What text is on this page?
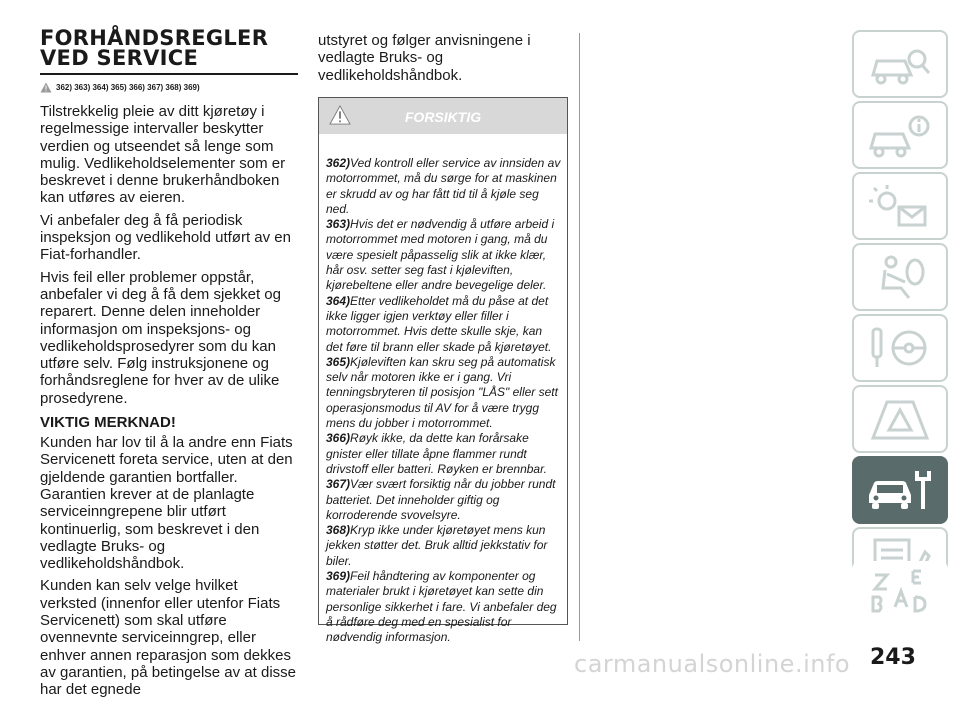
FORHÅNDSREGLER
VED SERVICE
362) 363) 364) 365) 366) 367) 368) 369)

Tilstrekkelig pleie av ditt kjøretøy i regelmessige intervaller beskytter verdien og utseendet så lenge som mulig. Vedlikeholdselementer som er beskrevet i denne brukerhåndboken kan utføres av eieren.

Vi anbefaler deg å få periodisk inspeksjon og vedlikehold utført av en Fiat-forhandler.

Hvis feil eller problemer oppstår, anbefaler vi deg å få dem sjekket og reparert. Denne delen inneholder informasjon om inspeksjons- og vedlikeholdsprosedyrer som du kan utføre selv. Følg instruksjonene og forhåndsreglene for hver av de ulike prosedyrene.

VIKTIG MERKNAD!

Kunden har lov til å la andre enn Fiats Servicenett foreta service, uten at den gjeldende garantien bortfaller. Garantien krever at de planlagte serviceinngrepene blir utført kontinuerlig, som beskrevet i den vedlagte Bruks- og vedlikeholdshåndbok.

Kunden kan selv velge hvilket verksted (innenfor eller utenfor Fiats Servicenett) som skal utføre ovennevnte serviceinngrep, eller enhver annen reparasjon som dekkes av garantien, på betingelse av at disse har det egnede

utstyret og følger anvisningene i vedlagte Bruks- og vedlikeholdshåndbok.

FORSIKTIG

362)Ved kontroll eller service av innsiden av motorrommet, må du sørge for at maskinen er skrudd av og har fått tid til å kjøle seg ned.

363)Hvis det er nødvendig å utføre arbeid i motorrommet med motoren i gang, må du være spesielt påpasselig slik at ikke klær, hår osv. setter seg fast i kjøleviften, kjørebeltene eller andre bevegelige deler.

364)Etter vedlikeholdet må du påse at det ikke ligger igjen verktøy eller filler i motorrommet. Hvis dette skulle skje, kan det føre til brann eller skade på kjøretøyet.

365)Kjøleviften kan skru seg på automatisk selv når motoren ikke er i gang. Vri tenningsbryteren til posisjon "LÅS" eller sett operasjonsmodus til AV for å være trygg mens du jobber i motorrommet.

366)Røyk ikke, da dette kan forårsake gnister eller tillate åpne flammer rundt drivstoff eller batteri. Røyken er brennbar.

367)Vær svært forsiktig når du jobber rundt batteriet. Det inneholder giftig og korroderende svovelsyre.

368)Kryp ikke under kjøretøyet mens kun jekken støtter det. Bruk alltid jekkstativ for biler.

369)Feil håndtering av komponenter og materialer brukt i kjøretøyet kan sette din personlige sikkerhet i fare. Vi anbefaler deg å rådføre deg med en spesialist for nødvendig informasjon.

243
carmanualsonline.info
